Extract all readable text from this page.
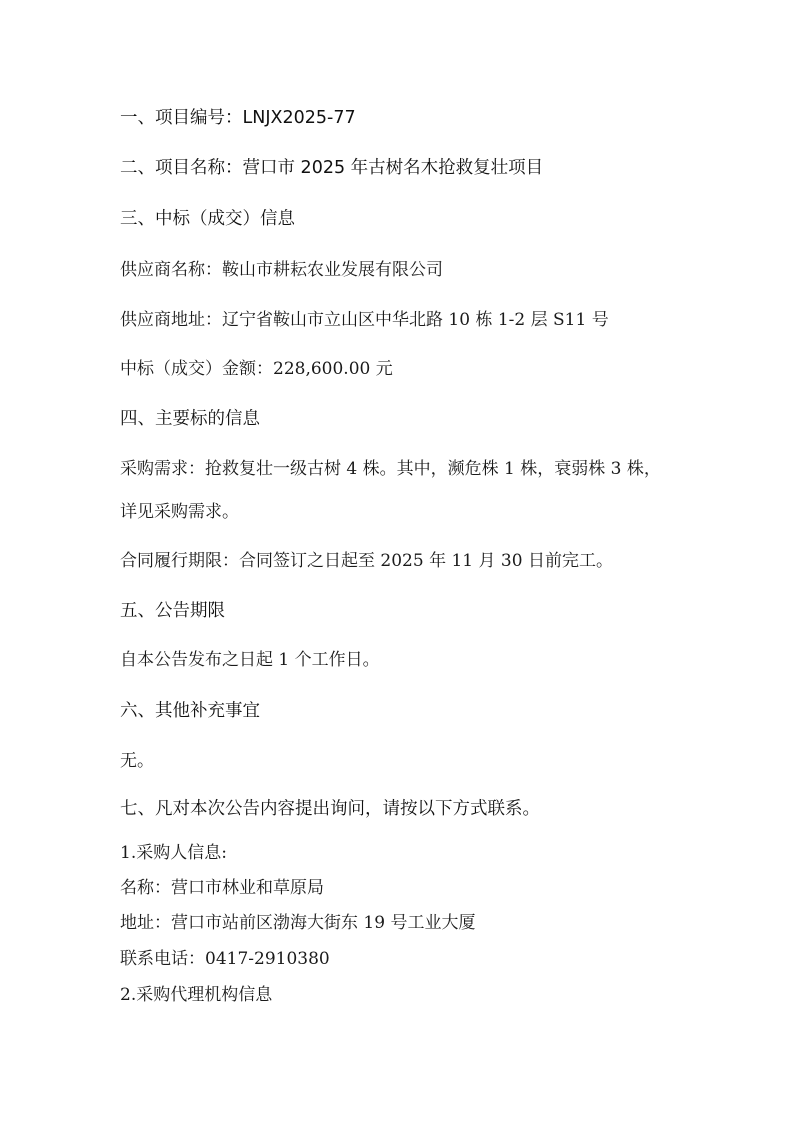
一、项目编号：LNJX2025-77
二、项目名称：营口市 2025 年古树名木抢救复壮项目
三、中标（成交）信息
供应商名称：鞍山市耕耘农业发展有限公司
供应商地址：辽宁省鞍山市立山区中华北路 10 栋 1-2 层 S11 号
中标（成交）金额：228,600.00 元
四、主要标的信息
采购需求：抢救复壮一级古树 4 株。其中，濒危株 1 株，衰弱株 3 株，
详见采购需求。
合同履行期限：合同签订之日起至 2025 年 11 月 30 日前完工。
五、公告期限
自本公告发布之日起 1 个工作日。
六、其他补充事宜
无。
七、凡对本次公告内容提出询问，请按以下方式联系。
1.采购人信息:
名称：营口市林业和草原局
地址：营口市站前区渤海大街东 19 号工业大厦
联系电话：0417-2910380
2.采购代理机构信息
